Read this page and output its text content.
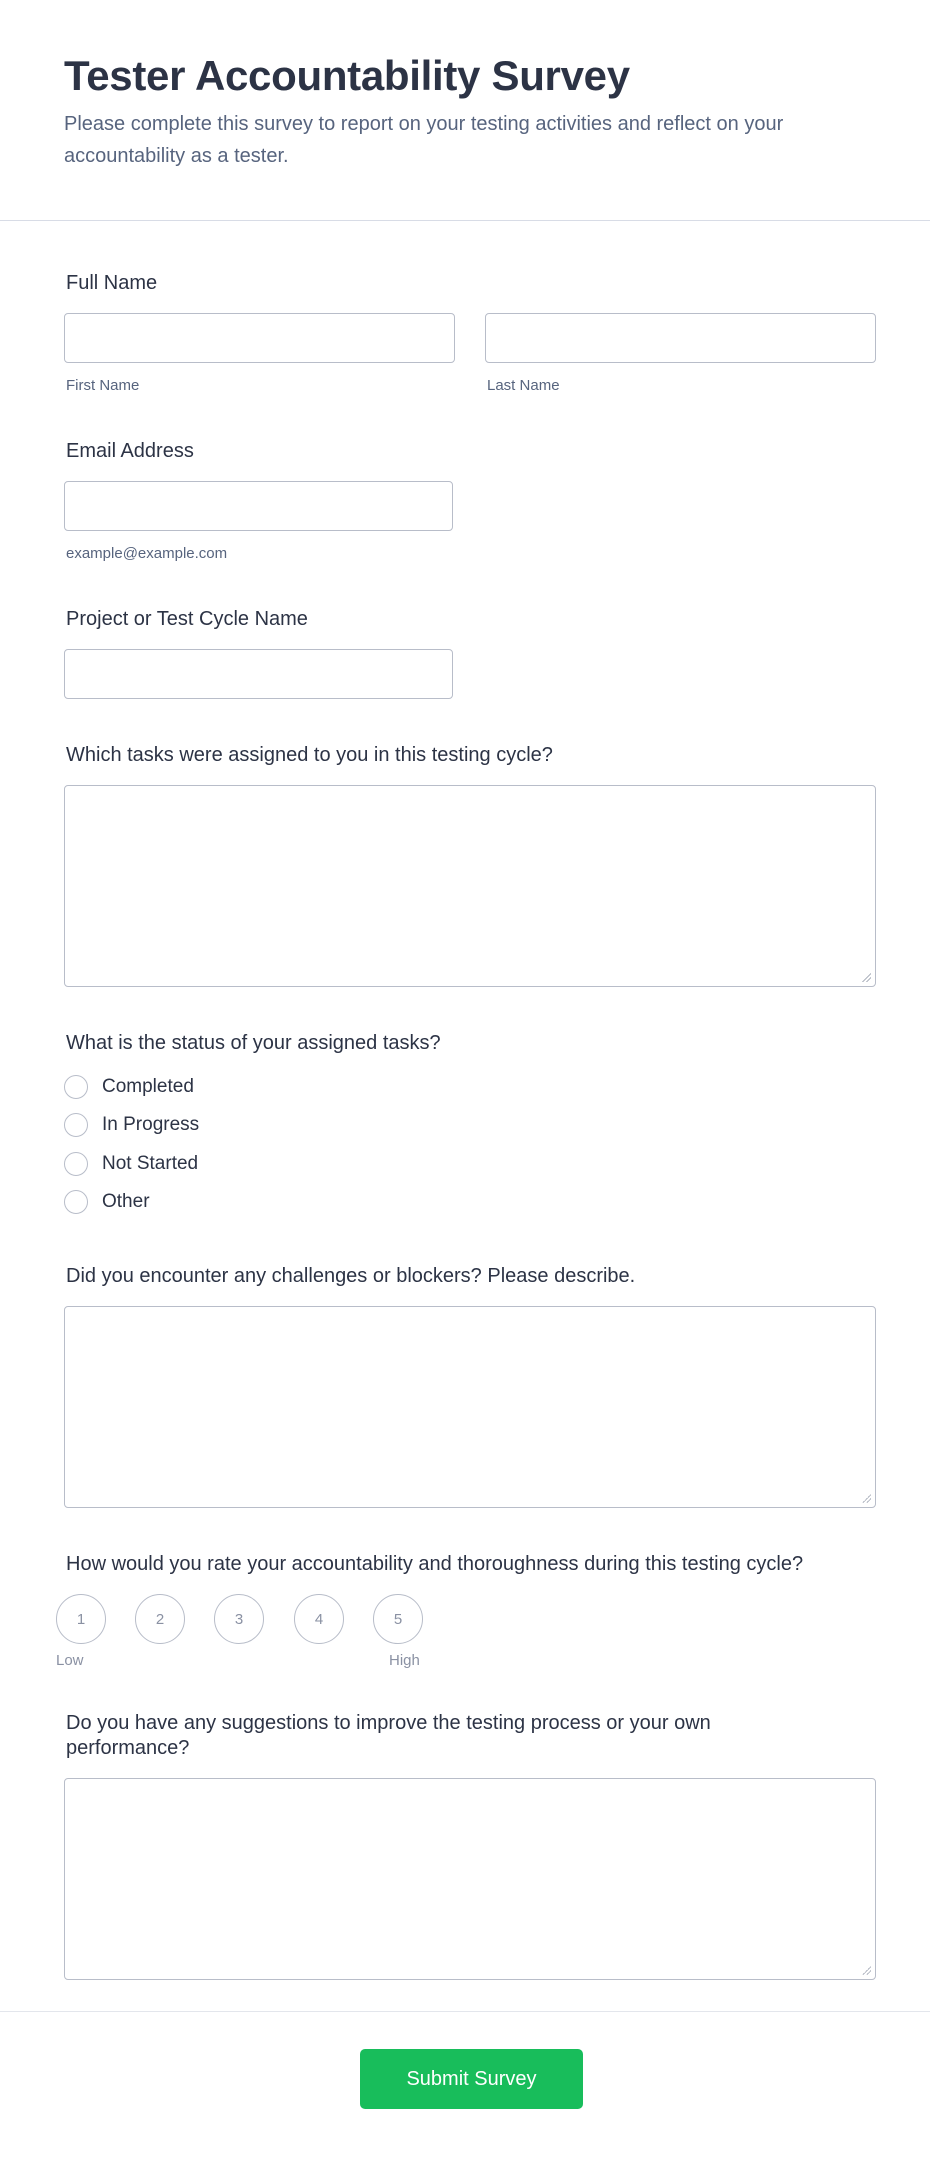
Tester Accountability Survey
Please complete this survey to report on your testing activities and reflect on your accountability as a tester.
Full Name
First Name	Last Name
Email Address
example@example.com
Project or Test Cycle Name
Which tasks were assigned to you in this testing cycle?
What is the status of your assigned tasks?
Completed
In Progress
Not Started
Other
Did you encounter any challenges or blockers? Please describe.
How would you rate your accountability and thoroughness during this testing cycle?
1	2	3	4	5
Low	High
Do you have any suggestions to improve the testing process or your own performance?
Submit Survey
